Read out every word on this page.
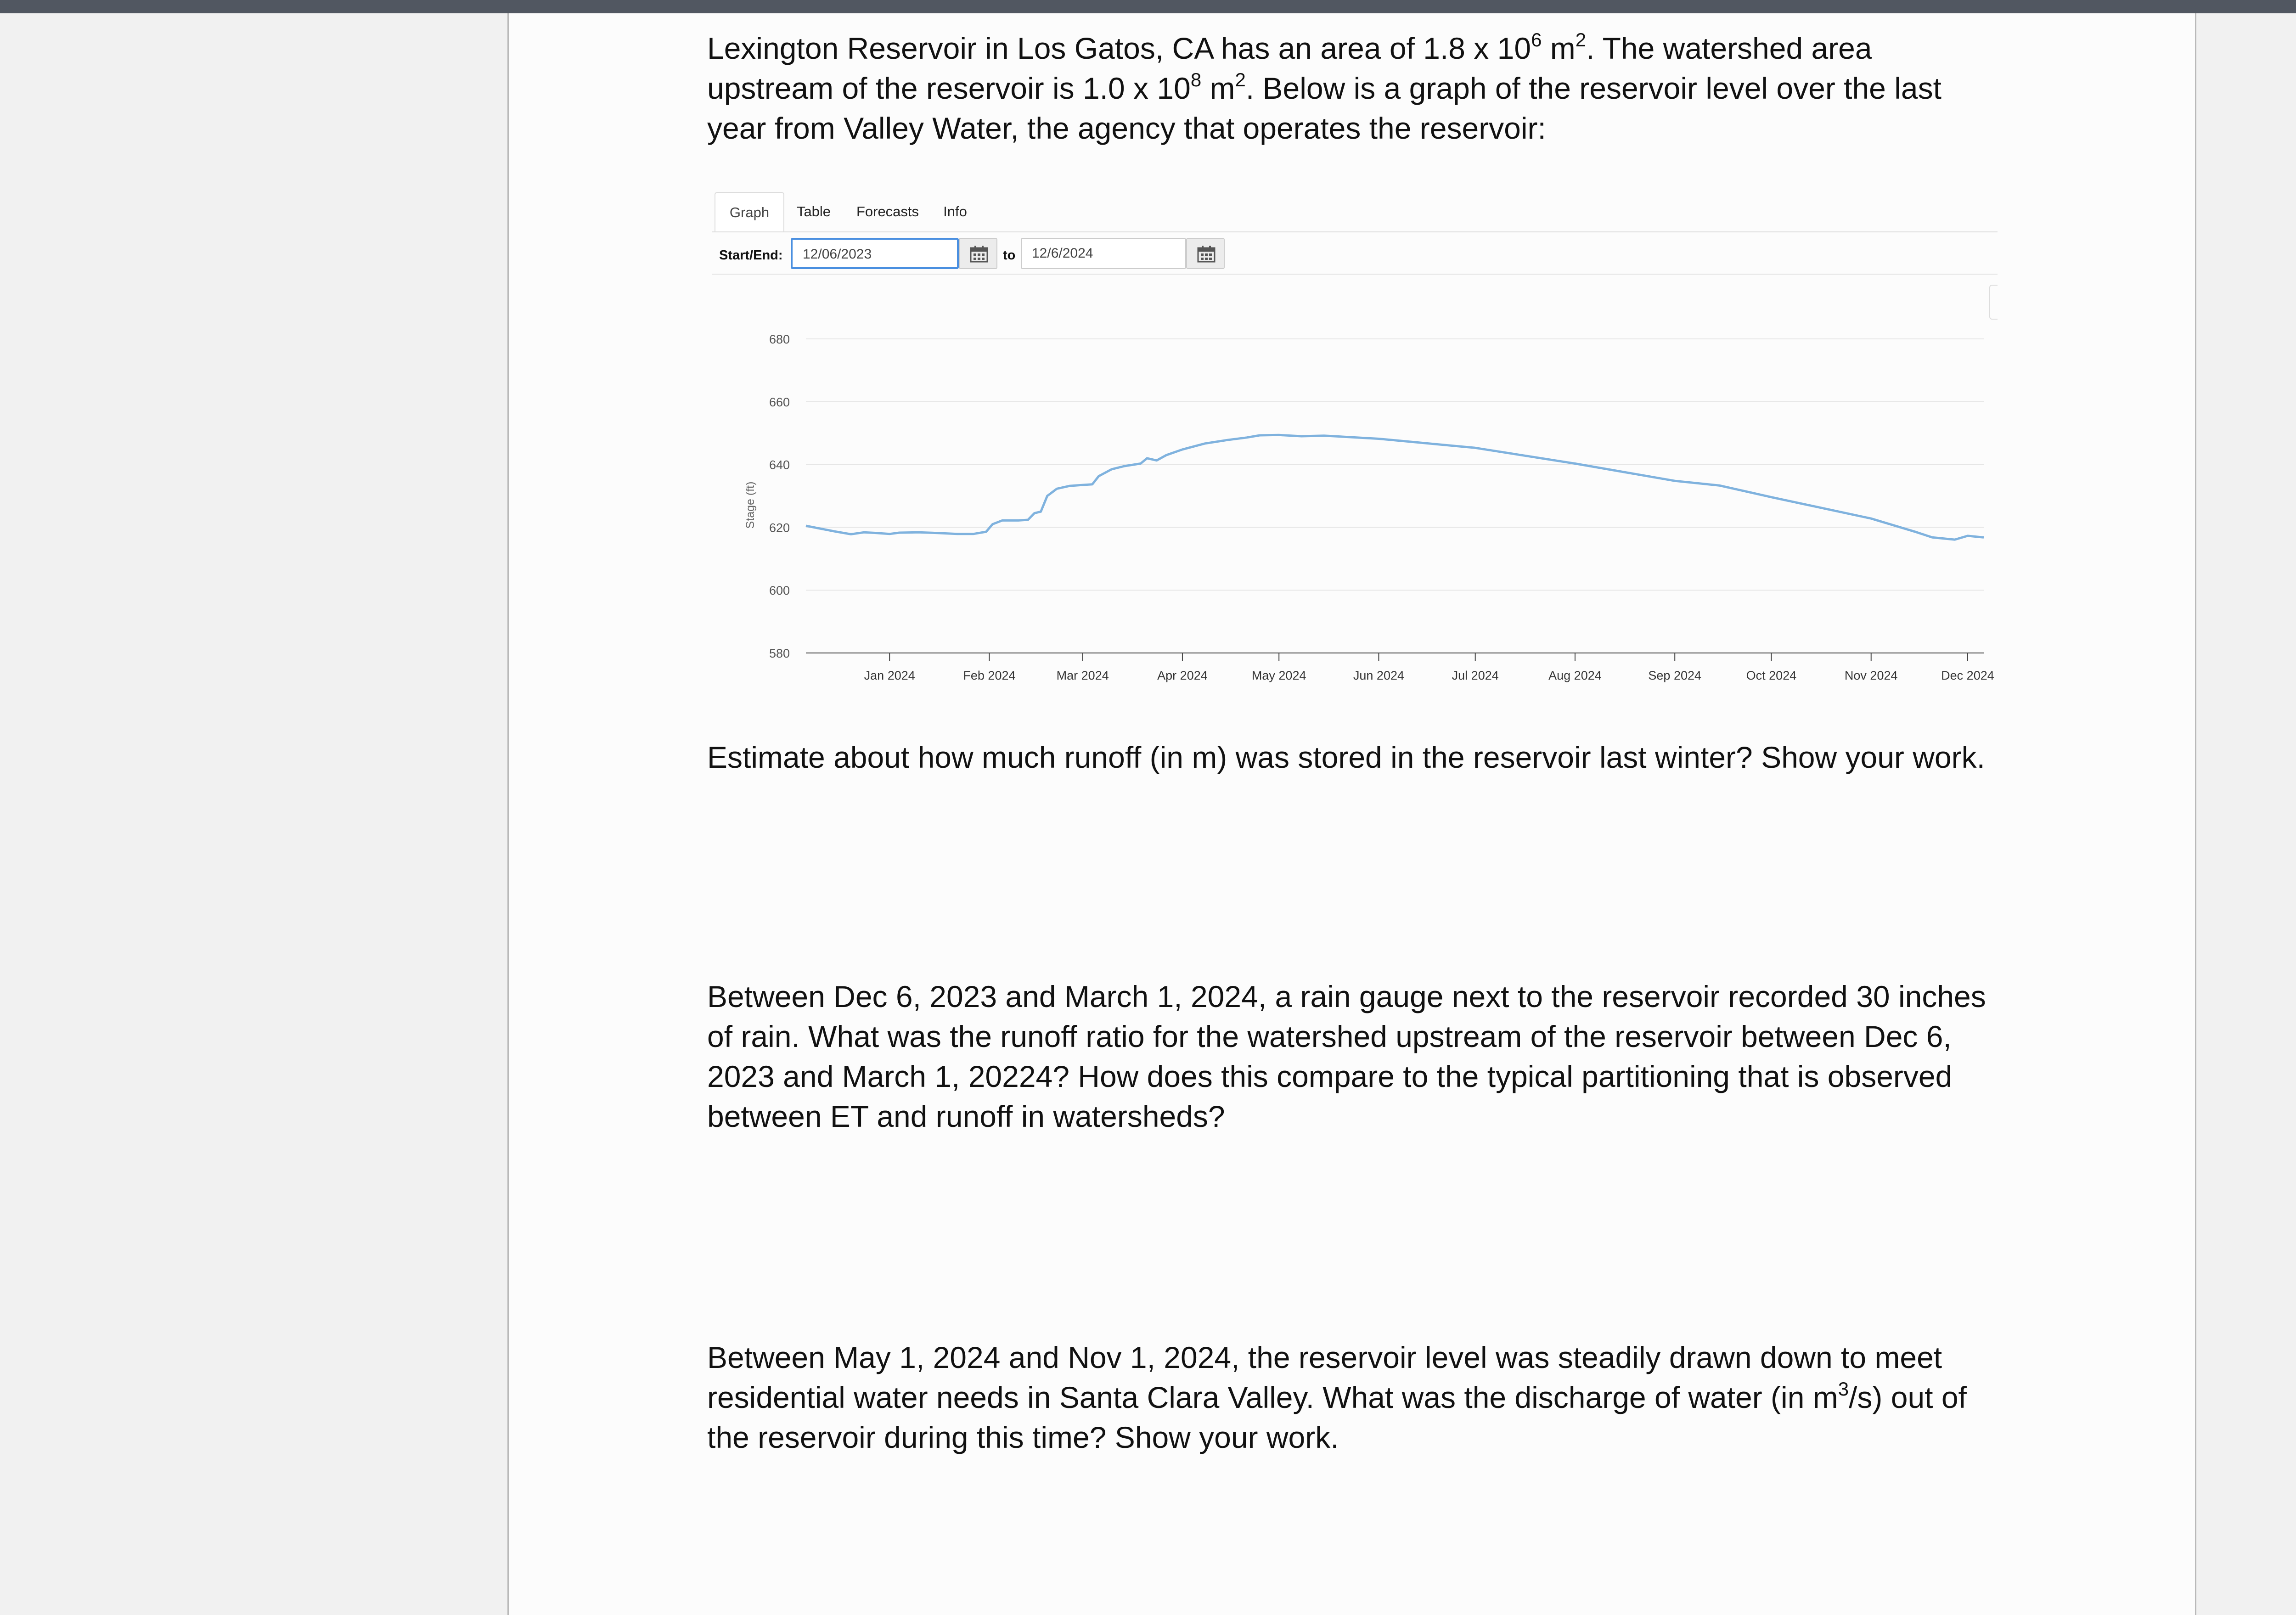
Lexington Reservoir in Los Gatos, CA has an area of 1.8 x $10^6$ $m^2$. The watershed area upstream of the reservoir is 1.0 x $10^8$ $m^2$. Below is a graph of the reservoir level over the last year from Valley Water, the agency that operates the reservoir:

Graph	Table	Forecasts	Info
Start/End:	12/06/2023	to	12/6/2024
580
600
620
640
660
680
Jan 2024	Feb 2024	Mar 2024	Apr 2024	May 2024	Jun 2024	Jul 2024	Aug 2024	Sep 2024	Oct 2024	Nov 2024	Dec 2024
Stage (ft)

Estimate about how much runoff (in m) was stored in the reservoir last winter? Show your work.

Between Dec 6, 2023 and March 1, 2024, a rain gauge next to the reservoir recorded 30 inches of rain. What was the runoff ratio for the watershed upstream of the reservoir between Dec 6, 2023 and March 1, 20224? How does this compare to the typical partitioning that is observed between ET and runoff in watersheds?

Between May 1, 2024 and Nov 1, 2024, the reservoir level was steadily drawn down to meet residential water needs in Santa Clara Valley. What was the discharge of water (in $m^3/s$) out of the reservoir during this time? Show your work.
